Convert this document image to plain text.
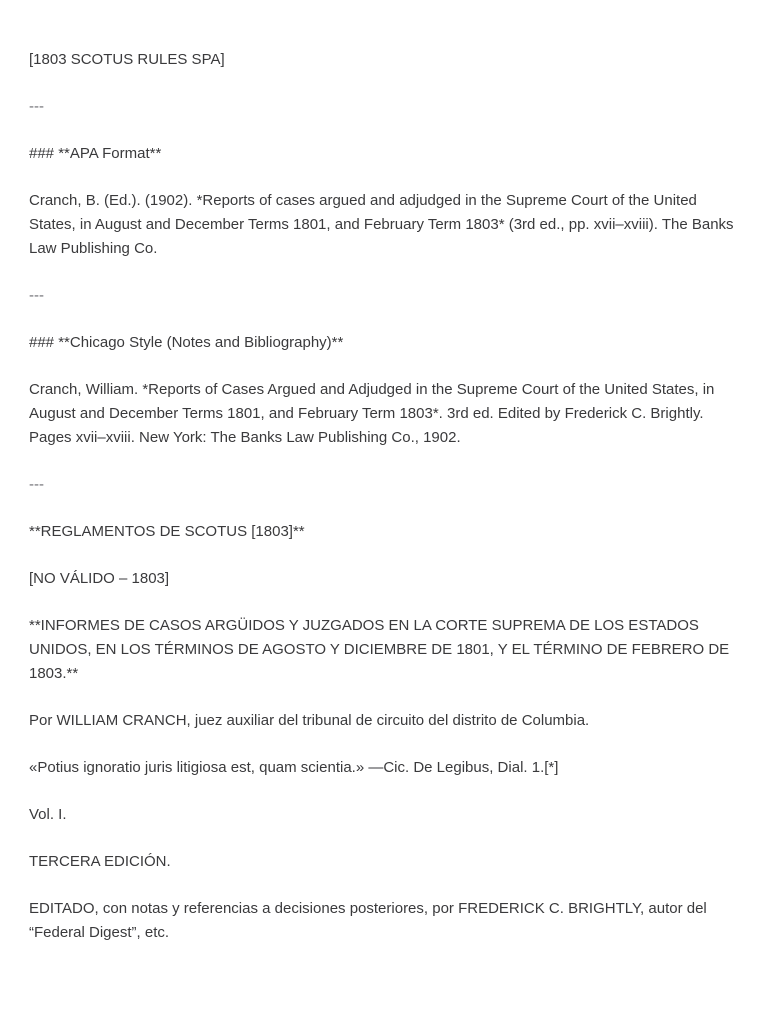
[1803 SCOTUS RULES SPA]

---

### **APA Format**

Cranch, B. (Ed.). (1902). *Reports of cases argued and adjudged in the Supreme Court of the United States, in August and December Terms 1801, and February Term 1803* (3rd ed., pp. xvii–xviii). The Banks Law Publishing Co.

---

### **Chicago Style (Notes and Bibliography)**

Cranch, William. *Reports of Cases Argued and Adjudged in the Supreme Court of the United States, in August and December Terms 1801, and February Term 1803*. 3rd ed. Edited by Frederick C. Brightly. Pages xvii–xviii. New York: The Banks Law Publishing Co., 1902.

---

**REGLAMENTOS DE SCOTUS [1803]**

[NO VÁLIDO – 1803]

**INFORMES DE CASOS ARGÜIDOS Y JUZGADOS EN LA CORTE SUPREMA DE LOS ESTADOS UNIDOS, EN LOS TÉRMINOS DE AGOSTO Y DICIEMBRE DE 1801, Y EL TÉRMINO DE FEBRERO DE 1803.**

Por WILLIAM CRANCH, juez auxiliar del tribunal de circuito del distrito de Columbia.

«Potius ignoratio juris litigiosa est, quam scientia.» —Cic. De Legibus, Dial. 1.[*]

Vol. I.

TERCERA EDICIÓN.

EDITADO, con notas y referencias a decisiones posteriores, por FREDERICK C. BRIGHTLY, autor del “Federal Digest”, etc.
